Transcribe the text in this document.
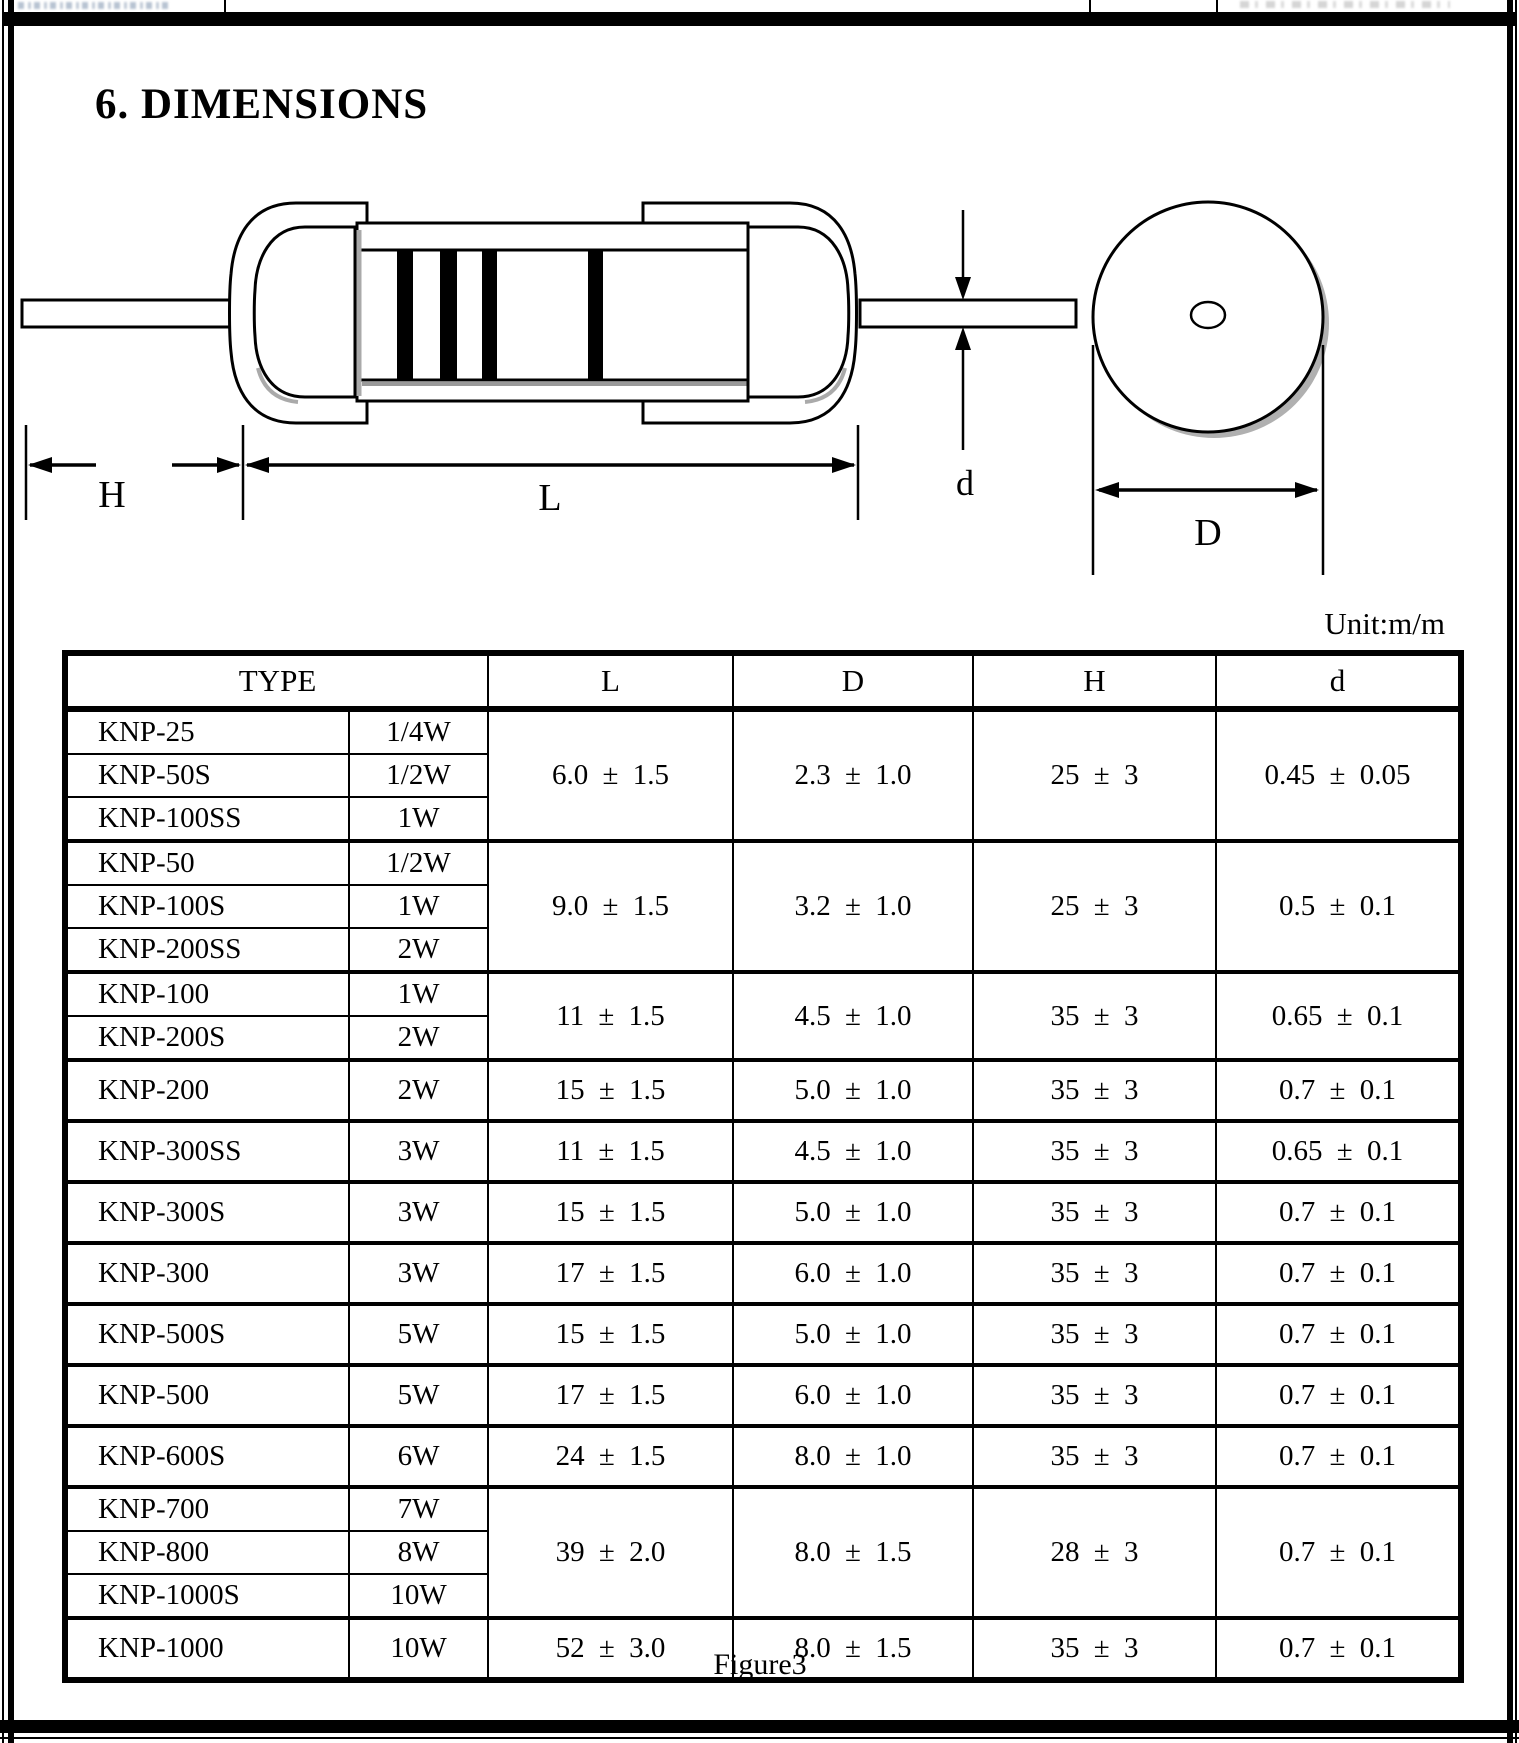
6. DIMENSIONS
H	L	d
D
Unit:m/m
TYPE		L	D	H	d
KNP-25	1/4W	6.0 ± 1.5	2.3 ± 1.0	25 ± 3	0.45 ± 0.05
KNP-50S	1/2W				
KNP-100SS	1W				
KNP-50	1/2W	9.0 ± 1.5	3.2 ± 1.0	25 ± 3	0.5 ± 0.1
KNP-100S	1W				
KNP-200SS	2W				
KNP-100	1W	11 ± 1.5	4.5 ± 1.0	35 ± 3	0.65 ± 0.1
KNP-200S	2W				
KNP-200	2W	15 ± 1.5	5.0 ± 1.0	35 ± 3	0.7 ± 0.1
KNP-300SS	3W	11 ± 1.5	4.5 ± 1.0	35 ± 3	0.65 ± 0.1
KNP-300S	3W	15 ± 1.5	5.0 ± 1.0	35 ± 3	0.7 ± 0.1
KNP-300	3W	17 ± 1.5	6.0 ± 1.0	35 ± 3	0.7 ± 0.1
KNP-500S	5W	15 ± 1.5	5.0 ± 1.0	35 ± 3	0.7 ± 0.1
KNP-500	5W	17 ± 1.5	6.0 ± 1.0	35 ± 3	0.7 ± 0.1
KNP-600S	6W	24 ± 1.5	8.0 ± 1.0	35 ± 3	0.7 ± 0.1
KNP-700	7W	39 ± 2.0	8.0 ± 1.5	28 ± 3	0.7 ± 0.1
KNP-800	8W				
KNP-1000S	10W				
KNP-1000	10W	52 ± 3.0	8.0 ± 1.5	35 ± 3	0.7 ± 0.1
Figure3
